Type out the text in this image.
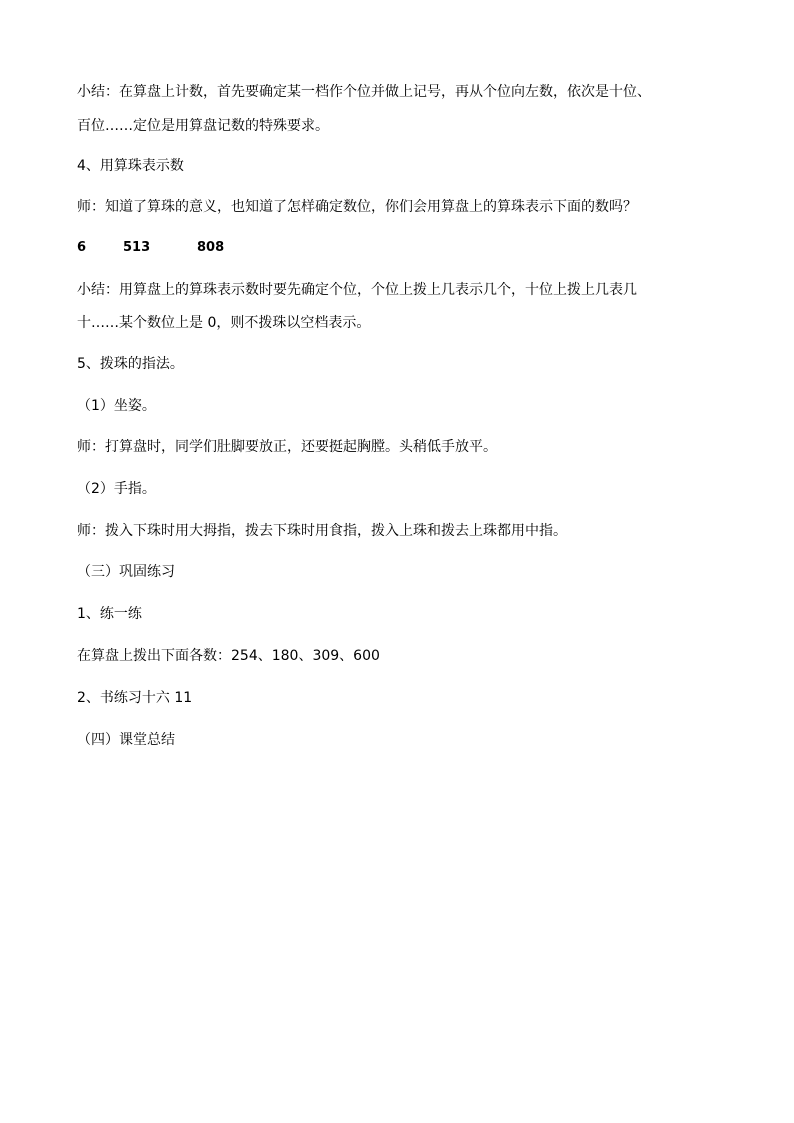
小结：在算盘上计数，首先要确定某一档作个位并做上记号，再从个位向左数，依次是十位、
百位……定位是用算盘记数的特殊要求。
4、用算珠表示数
师：知道了算珠的意义，也知道了怎样确定数位，你们会用算盘上的算珠表示下面的数吗？
6	513	808
小结：用算盘上的算珠表示数时要先确定个位，个位上拨上几表示几个，十位上拨上几表几
十……某个数位上是 0，则不拨珠以空档表示。
5、拨珠的指法。
（1）坐姿。
师：打算盘时，同学们肚脚要放正，还要挺起胸膛。头稍低手放平。
（2）手指。
师：拨入下珠时用大拇指，拨去下珠时用食指，拨入上珠和拨去上珠都用中指。
（三）巩固练习
1、练一练
在算盘上拨出下面各数：254、180、309、600
2、书练习十六 11
（四）课堂总结
